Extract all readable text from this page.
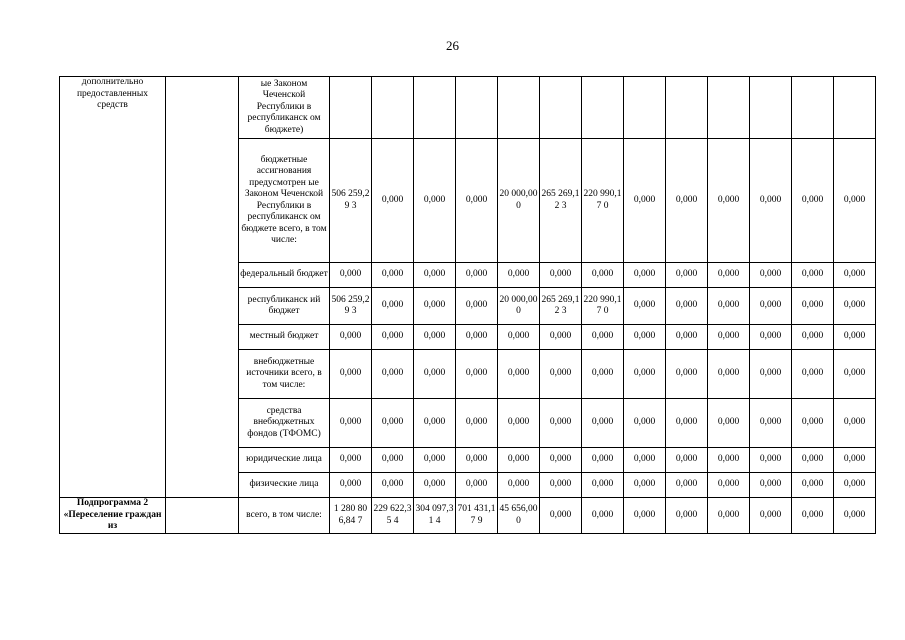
26
дополнительно предоставленных средств		ые Законом Чеченской Республики в республиканск ом бюджете)													
		бюджетные ассигнования предусмотрен ые Законом Чеченской Республики в республиканск ом бюджете всего, в том числе:	506 259,29 3	0,000	0,000	0,000	20 000,00 0	265 269,12 3	220 990,17 0	0,000	0,000	0,000	0,000	0,000	0,000
		федеральный бюджет	0,000	0,000	0,000	0,000	0,000	0,000	0,000	0,000	0,000	0,000	0,000	0,000	0,000
		республиканск ий бюджет	506 259,29 3	0,000	0,000	0,000	20 000,00 0	265 269,12 3	220 990,17 0	0,000	0,000	0,000	0,000	0,000	0,000
		местный бюджет	0,000	0,000	0,000	0,000	0,000	0,000	0,000	0,000	0,000	0,000	0,000	0,000	0,000
		внебюджетные источники всего, в том числе:	0,000	0,000	0,000	0,000	0,000	0,000	0,000	0,000	0,000	0,000	0,000	0,000	0,000
		средства внебюджетных фондов (ТФОМС)	0,000	0,000	0,000	0,000	0,000	0,000	0,000	0,000	0,000	0,000	0,000	0,000	0,000
		юридические лица	0,000	0,000	0,000	0,000	0,000	0,000	0,000	0,000	0,000	0,000	0,000	0,000	0,000
		физические лица	0,000	0,000	0,000	0,000	0,000	0,000	0,000	0,000	0,000	0,000	0,000	0,000	0,000
Подпрограмма 2 «Переселение граждан из		всего, в том числе:	1 280 806,84 7	229 622,35 4	304 097,31 4	701 431,17 9	45 656,00 0	0,000	0,000	0,000	0,000	0,000	0,000	0,000	0,000
